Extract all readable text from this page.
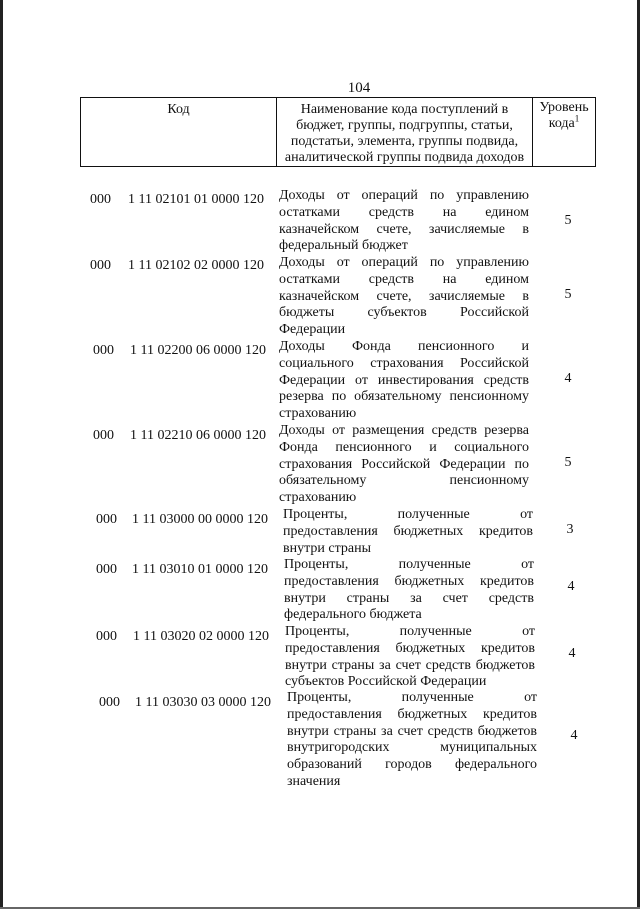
104
Код	Наименование кода поступлений в бюджет, группы, подгруппы, статьи, подстатьи, элемента, группы подвида, аналитической группы подвида доходов
Уровень кода$^1$
000 1 11 02101 01 0000 120 Доходы от операций по управлению остатками средств на едином казначейском счете, зачисляемые в федеральный бюджет
5
000 1 11 02102 02 0000 120 Доходы от операций по управлению остатками средств на едином казначейском счете, зачисляемые в бюджеты субъектов Российской Федерации
5
000 1 11 02200 06 0000 120 Доходы Фонда пенсионного и социального страхования Российской Федерации от инвестирования средств резерва по обязательному пенсионному страхованию
4
000 1 11 02210 06 0000 120 Доходы от размещения средств резерва Фонда пенсионного и социального страхования Российской Федерации по обязательному пенсионному страхованию
5
000 1 11 03000 00 0000 120 Проценты, полученные от предоставления бюджетных кредитов внутри страны
3
000 1 11 03010 01 0000 120 Проценты, полученные от предоставления бюджетных кредитов внутри страны за счет средств федерального бюджета
4
000 1 11 03020 02 0000 120 Проценты, полученные от предоставления бюджетных кредитов внутри страны за счет средств бюджетов субъектов Российской Федерации
4
000 1 11 03030 03 0000 120 Проценты, полученные от предоставления бюджетных кредитов внутри страны за счет средств бюджетов внутригородских муниципальных образований городов федерального значения
4
